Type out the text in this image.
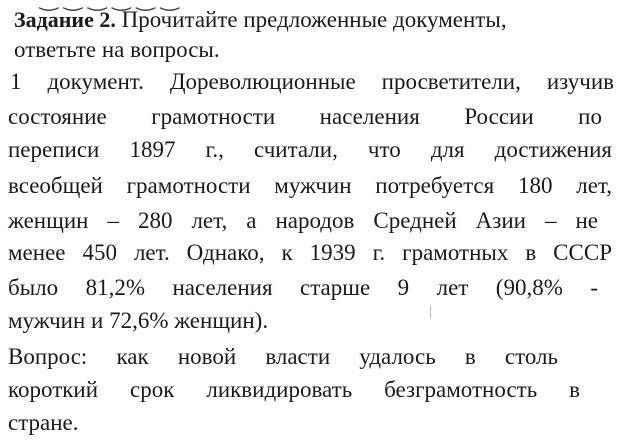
Задание 2. Прочитайте предложенные документы,
ответьте на вопросы.
1 документ. Дореволюционные просветители, изучив
состояние грамотности населения России по
переписи 1897 г., считали, что для достижения
всеобщей грамотности мужчин потребуется 180 лет,
женщин – 280 лет, а народов Средней Азии – не
менее 450 лет. Однако, к 1939 г. грамотных в СССР
было 81,2% населения старше 9 лет (90,8% -
мужчин и 72,6% женщин).
Вопрос: как новой власти удалось в столь
короткий срок ликвидировать безграмотность в
стране.
